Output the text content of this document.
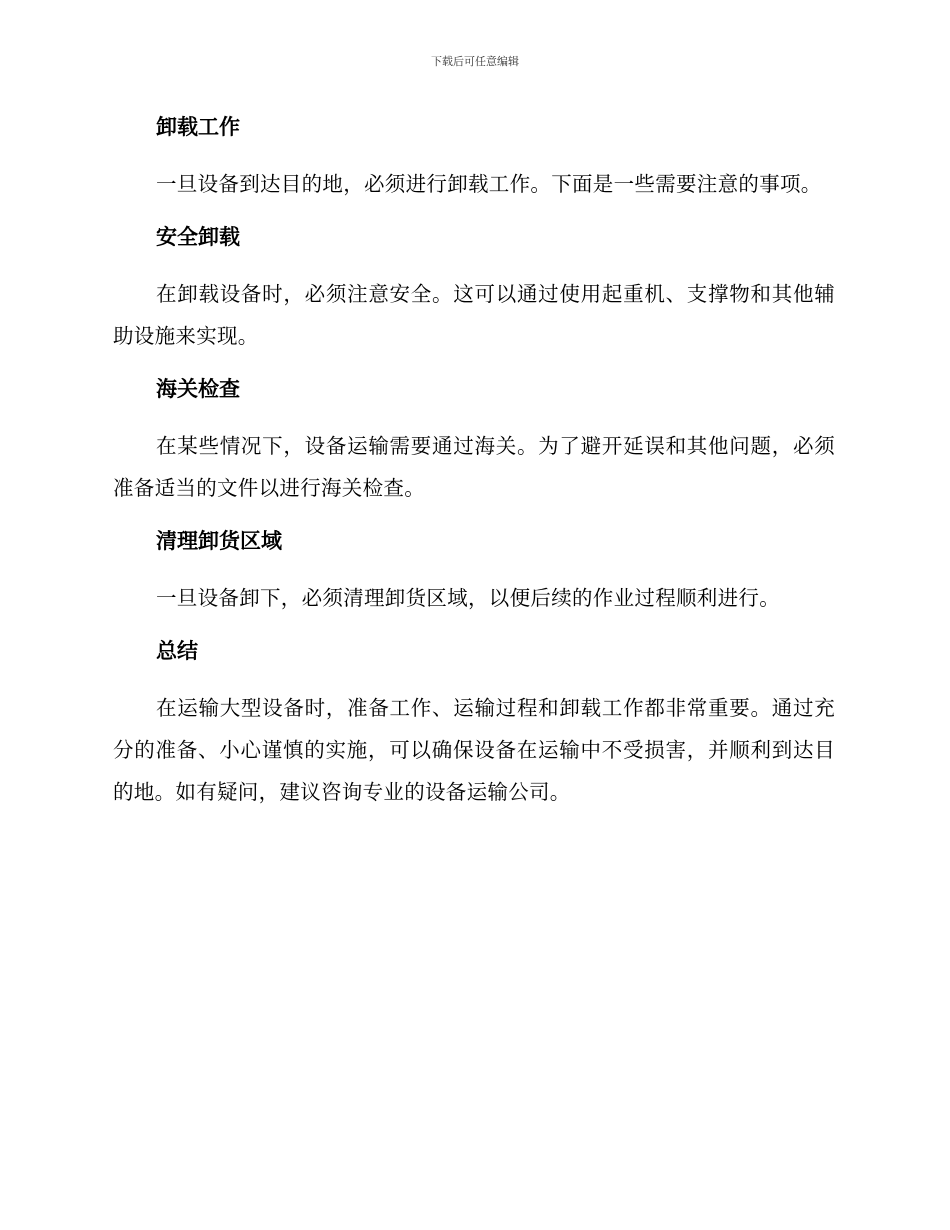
下载后可任意编辑
卸载工作

一旦设备到达目的地，必须进行卸载工作。下面是一些需要注意的事项。

安全卸载

在卸载设备时，必须注意安全。这可以通过使用起重机、支撑物和其他辅助设施来实现。

海关检查

在某些情况下，设备运输需要通过海关。为了避开延误和其他问题，必须准备适当的文件以进行海关检查。

清理卸货区域

一旦设备卸下，必须清理卸货区域，以便后续的作业过程顺利进行。

总结

在运输大型设备时，准备工作、运输过程和卸载工作都非常重要。通过充分的准备、小心谨慎的实施，可以确保设备在运输中不受损害，并顺利到达目的地。如有疑问，建议咨询专业的设备运输公司。
